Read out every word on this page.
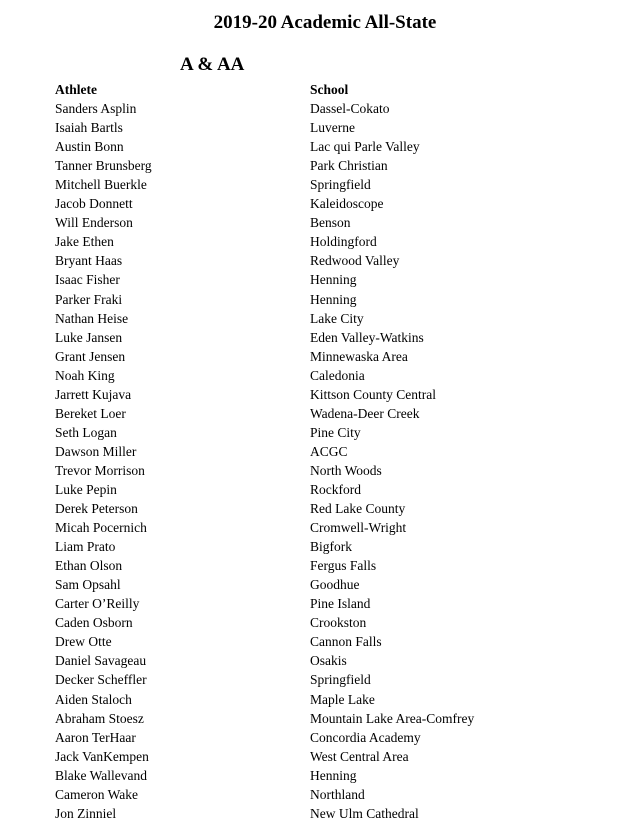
2019-20 Academic All-State
A & AA
Athlete	School
Sanders Asplin	Dassel-Cokato
Isaiah Bartls	Luverne
Austin Bonn	Lac qui Parle Valley
Tanner Brunsberg	Park Christian
Mitchell Buerkle	Springfield
Jacob Donnett	Kaleidoscope
Will Enderson	Benson
Jake Ethen	Holdingford
Bryant Haas	Redwood Valley
Isaac Fisher	Henning
Parker Fraki	Henning
Nathan Heise	Lake City
Luke Jansen	Eden Valley-Watkins
Grant Jensen	Minnewaska Area
Noah King	Caledonia
Jarrett Kujava	Kittson County Central
Bereket Loer	Wadena-Deer Creek
Seth Logan	Pine City
Dawson Miller	ACGC
Trevor Morrison	North Woods
Luke Pepin	Rockford
Derek Peterson	Red Lake County
Micah Pocernich	Cromwell-Wright
Liam Prato	Bigfork
Ethan Olson	Fergus Falls
Sam Opsahl	Goodhue
Carter O’Reilly	Pine Island
Caden Osborn	Crookston
Drew Otte	Cannon Falls
Daniel Savageau	Osakis
Decker Scheffler	Springfield
Aiden Staloch	Maple Lake
Abraham Stoesz	Mountain Lake Area-Comfrey
Aaron TerHaar	Concordia Academy
Jack VanKempen	West Central Area
Blake Wallevand	Henning
Cameron Wake	Northland
Jon Zinniel	New Ulm Cathedral
